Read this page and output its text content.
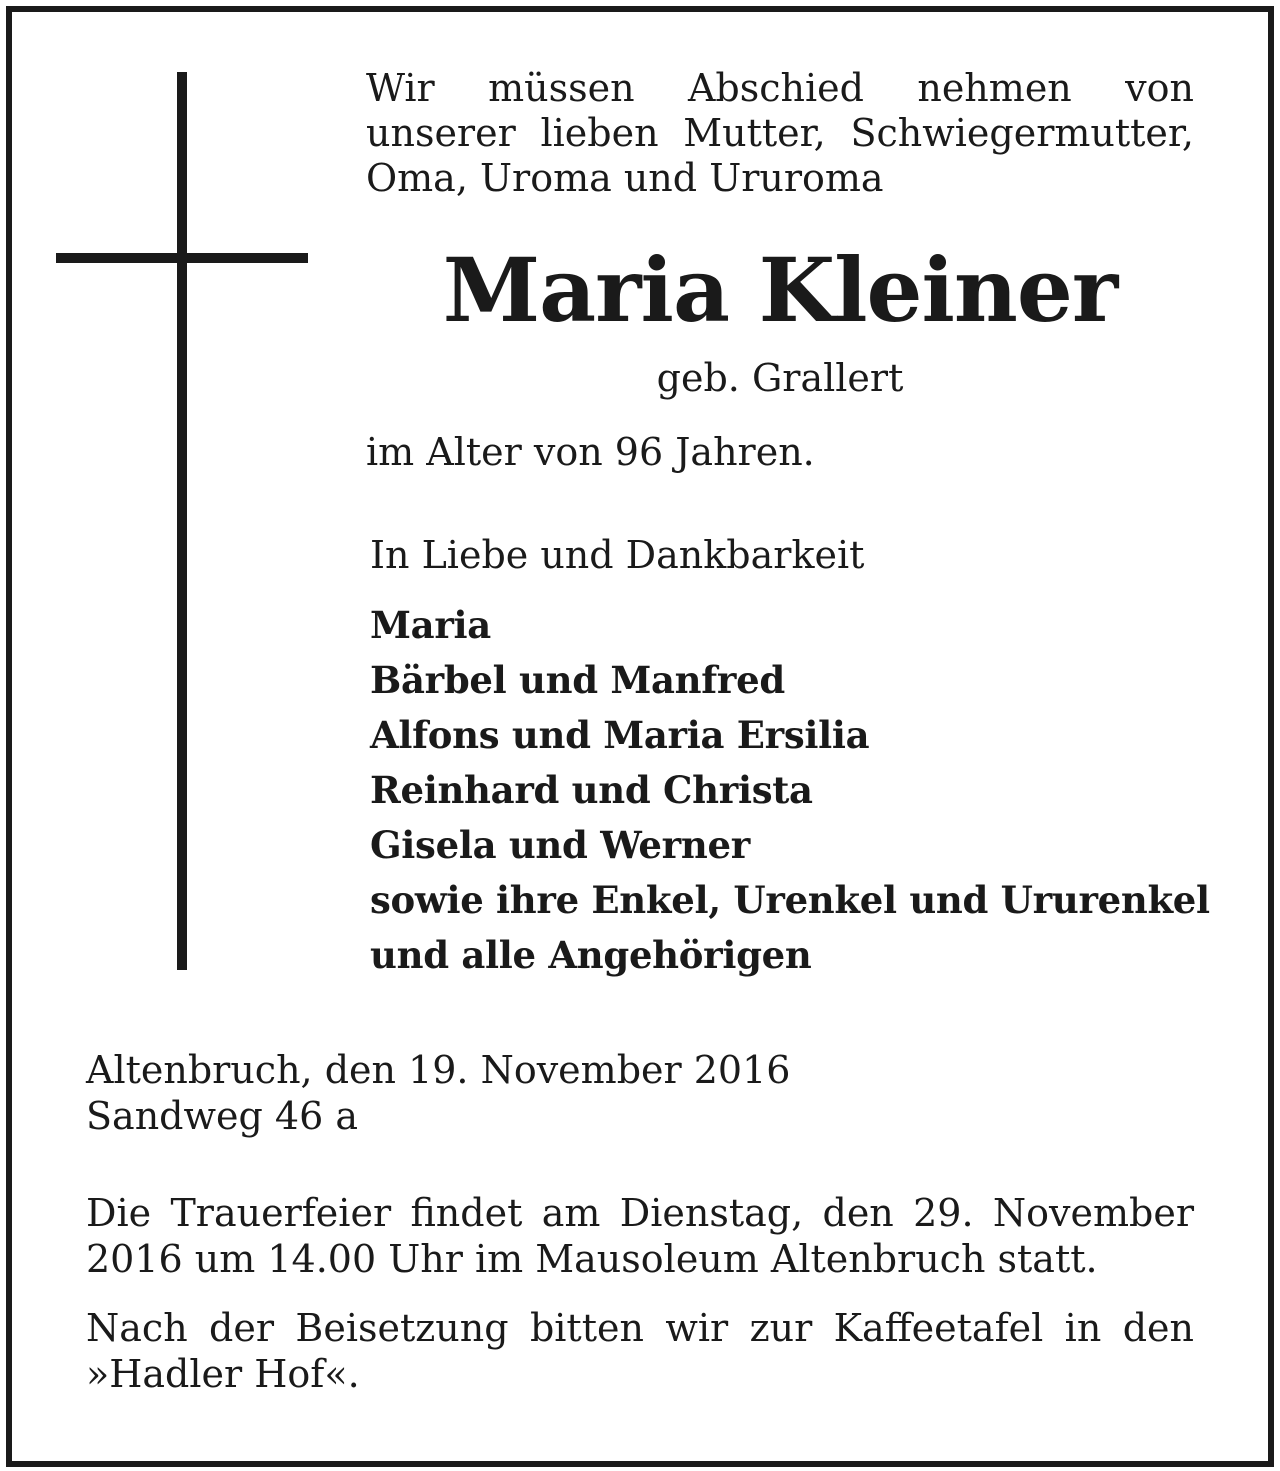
Wir müssen Abschied nehmen von
unserer lieben Mutter, Schwiegermutter,
Oma, Uroma und Ururoma
Maria Kleiner

geb. Grallert

im Alter von 96 Jahren.

In Liebe und Dankbarkeit

Maria
Bärbel und Manfred
Alfons und Maria Ersilia
Reinhard und Christa
Gisela und Werner
sowie ihre Enkel, Urenkel und Ururenkel
und alle Angehörigen
Altenbruch, den 19. November 2016
Sandweg 46 a
Die Trauerfeier findet am Dienstag, den 29. November
2016 um 14.00 Uhr im Mausoleum Altenbruch statt.
Nach der Beisetzung bitten wir zur Kaffeetafel in den
»Hadler Hof«.
